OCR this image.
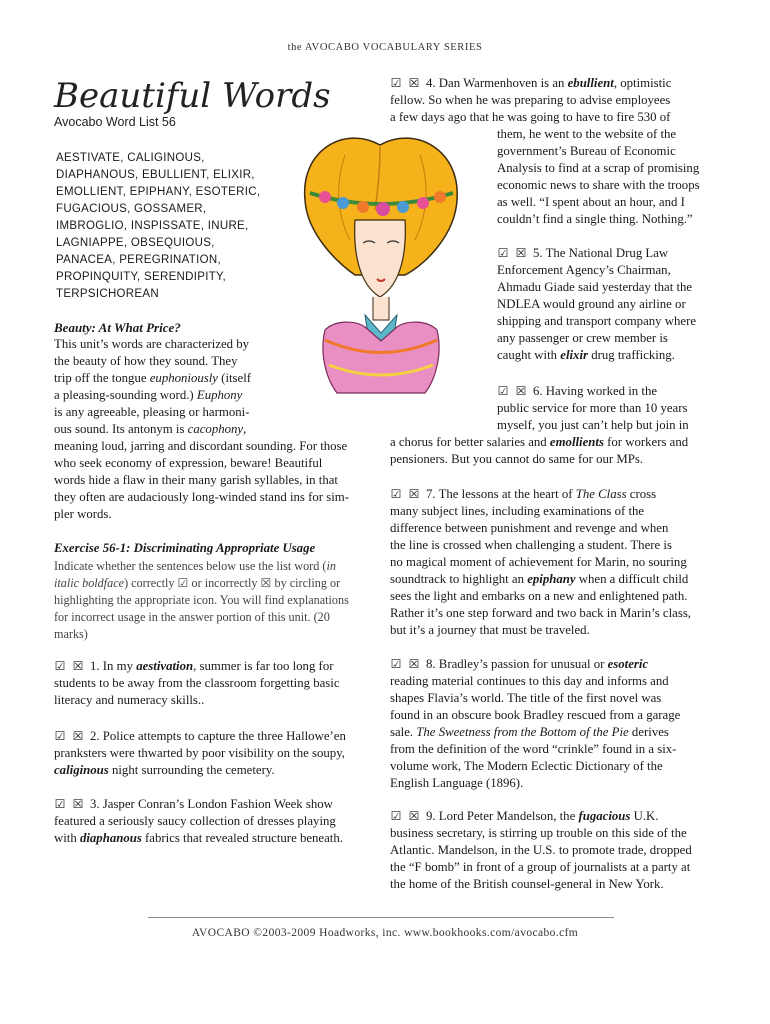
the AVOCABO VOCABULARY SERIES
Beautiful Words
Avocabo Word List 56
AESTIVATE, CALIGINOUS,
DIAPHANOUS, EBULLIENT, ELIXIR,
EMOLLIENT, EPIPHANY, ESOTERIC,
FUGACIOUS, GOSSAMER,
IMBROGLIO, INSPISSATE, INURE,
LAGNIAPPE, OBSEQUIOUS,
PANACEA, PEREGRINATION,
PROPINQUITY, SERENDIPITY,
TERPSICHOREAN
Beauty: At What Price?
This unit’s words are characterized by
the beauty of how they sound. They
trip off the tongue euphoniously (itself
a pleasing-sounding word.) Euphony
is any agreeable, pleasing or harmoni-
ous sound. Its antonym is cacophony,
meaning loud, jarring and discordant sounding. For those
who seek economy of expression, beware! Beautiful
words hide a flaw in their many garish syllables, in that
they often are audaciously long-winded stand ins for sim-
pler words.
Exercise 56-1: Discriminating Appropriate Usage
Indicate whether the sentences below use the list word (in
italic boldface) correctly ☑ or incorrectly ☒ by circling or
highlighting the appropriate icon. You will find explanations
for incorrect usage in the answer portion of this unit. (20
marks)
☑ ☒ 1. In my aestivation, summer is far too long for
students to be away from the classroom forgetting basic
literacy and numeracy skills..
☑ ☒ 2. Police attempts to capture the three Hallowe’en
pranksters were thwarted by poor visibility on the soupy,
caliginous night surrounding the cemetery.
☑ ☒ 3. Jasper Conran’s London Fashion Week show
featured a seriously saucy collection of dresses playing
with diaphanous fabrics that revealed structure beneath.
☑ ☒ 4. Dan Warmenhoven is an ebullient, optimistic
fellow. So when he was preparing to advise employees
a few days ago that he was going to have to fire 530 of
them, he went to the website of the
government’s Bureau of Economic
Analysis to find at a scrap of promising
economic news to share with the troops
as well. “I spent about an hour, and I
couldn’t find a single thing. Nothing.”
☑ ☒ 5. The National Drug Law
Enforcement Agency’s Chairman,
Ahmadu Giade said yesterday that the
NDLEA would ground any airline or
shipping and transport company where
any passenger or crew member is
caught with elixir drug trafficking.
☑ ☒ 6. Having worked in the
public service for more than 10 years
myself, you just can’t help but join in
a chorus for better salaries and emollients for workers and
pensioners. But you cannot do same for our MPs.
☑ ☒ 7. The lessons at the heart of The Class cross
many subject lines, including examinations of the
difference between punishment and revenge and when
the line is crossed when challenging a student. There is
no magical moment of achievement for Marin, no souring
soundtrack to highlight an epiphany when a difficult child
sees the light and embarks on a new and enlightened path.
Rather it’s one step forward and two back in Marin’s class,
but it’s a journey that must be traveled.
☑ ☒ 8. Bradley’s passion for unusual or esoteric
reading material continues to this day and informs and
shapes Flavia’s world. The title of the first novel was
found in an obscure book Bradley rescued from a garage
sale. The Sweetness from the Bottom of the Pie derives
from the definition of the word “crinkle” found in a six-
volume work, The Modern Eclectic Dictionary of the
English Language (1896).
☑ ☒ 9. Lord Peter Mandelson, the fugacious U.K.
business secretary, is stirring up trouble on this side of the
Atlantic. Mandelson, in the U.S. to promote trade, dropped
the “F bomb” in front of a group of journalists at a party at
the home of the British counsel-general in New York.
AVOCABO ©2003-2009 Hoadworks, inc. www.bookhooks.com/avocabo.cfm
